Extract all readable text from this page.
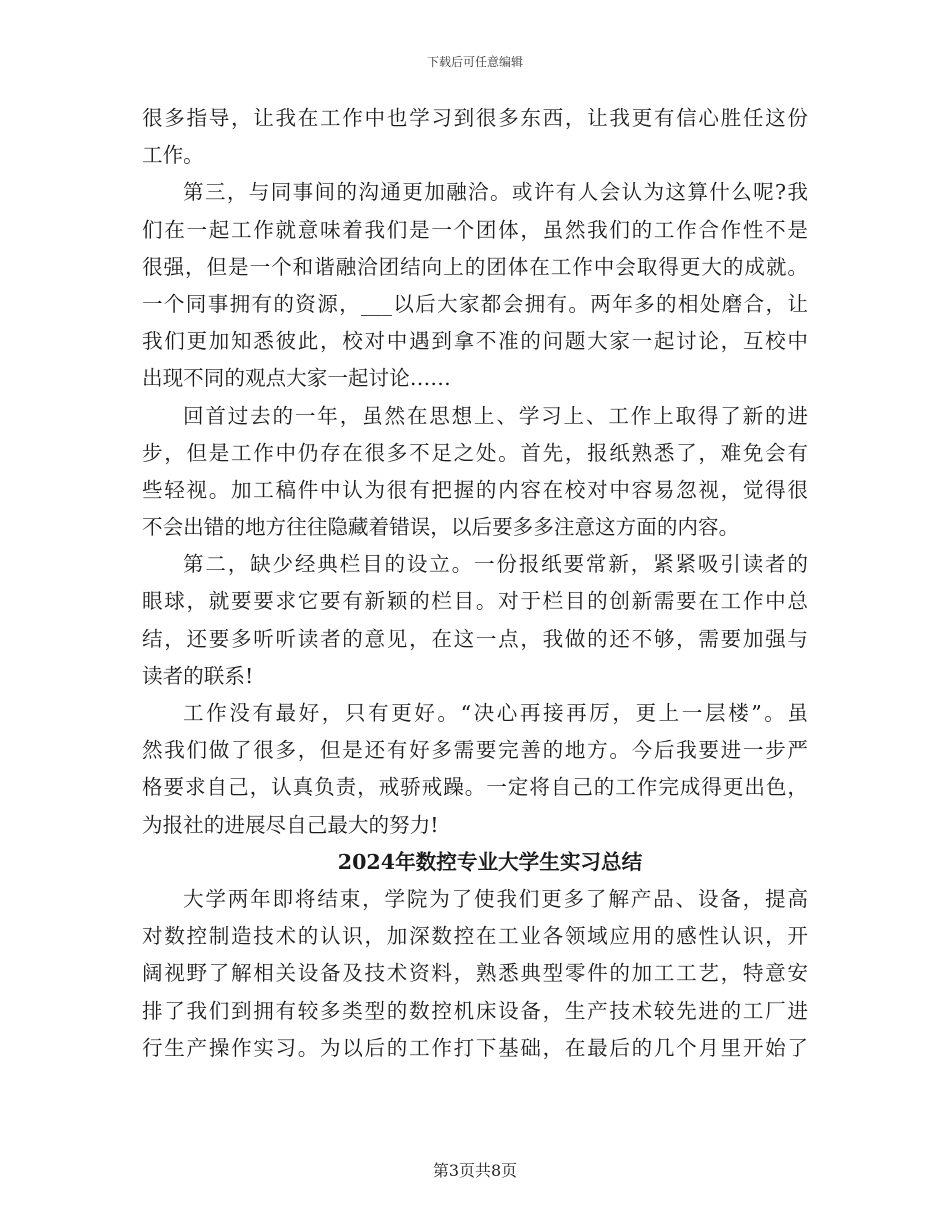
下载后可任意编辑
很多指导，让我在工作中也学习到很多东西，让我更有信心胜任这份
工作。
第三，与同事间的沟通更加融洽。或许有人会认为这算什么呢?我
们在一起工作就意味着我们是一个团体，虽然我们的工作合作性不是
很强，但是一个和谐融洽团结向上的团体在工作中会取得更大的成就。
一个同事拥有的资源，___以后大家都会拥有。两年多的相处磨合，让
我们更加知悉彼此，校对中遇到拿不准的问题大家一起讨论，互校中
出现不同的观点大家一起讨论……
回首过去的一年，虽然在思想上、学习上、工作上取得了新的进
步，但是工作中仍存在很多不足之处。首先，报纸熟悉了，难免会有
些轻视。加工稿件中认为很有把握的内容在校对中容易忽视，觉得很
不会出错的地方往往隐藏着错误，以后要多多注意这方面的内容。
第二，缺少经典栏目的设立。一份报纸要常新，紧紧吸引读者的
眼球，就要要求它要有新颖的栏目。对于栏目的创新需要在工作中总
结，还要多听听读者的意见，在这一点，我做的还不够，需要加强与
读者的联系!
工作没有最好，只有更好。“决心再接再厉，更上一层楼”。虽
然我们做了很多，但是还有好多需要完善的地方。今后我要进一步严
格要求自己，认真负责，戒骄戒躁。一定将自己的工作完成得更出色，
为报社的进展尽自己最大的努力!
2024年数控专业大学生实习总结
大学两年即将结束，学院为了使我们更多了解产品、设备，提高
对数控制造技术的认识，加深数控在工业各领域应用的感性认识，开
阔视野了解相关设备及技术资料，熟悉典型零件的加工工艺，特意安
排了我们到拥有较多类型的数控机床设备，生产技术较先进的工厂进
行生产操作实习。为以后的工作打下基础，在最后的几个月里开始了
第3页共8页
